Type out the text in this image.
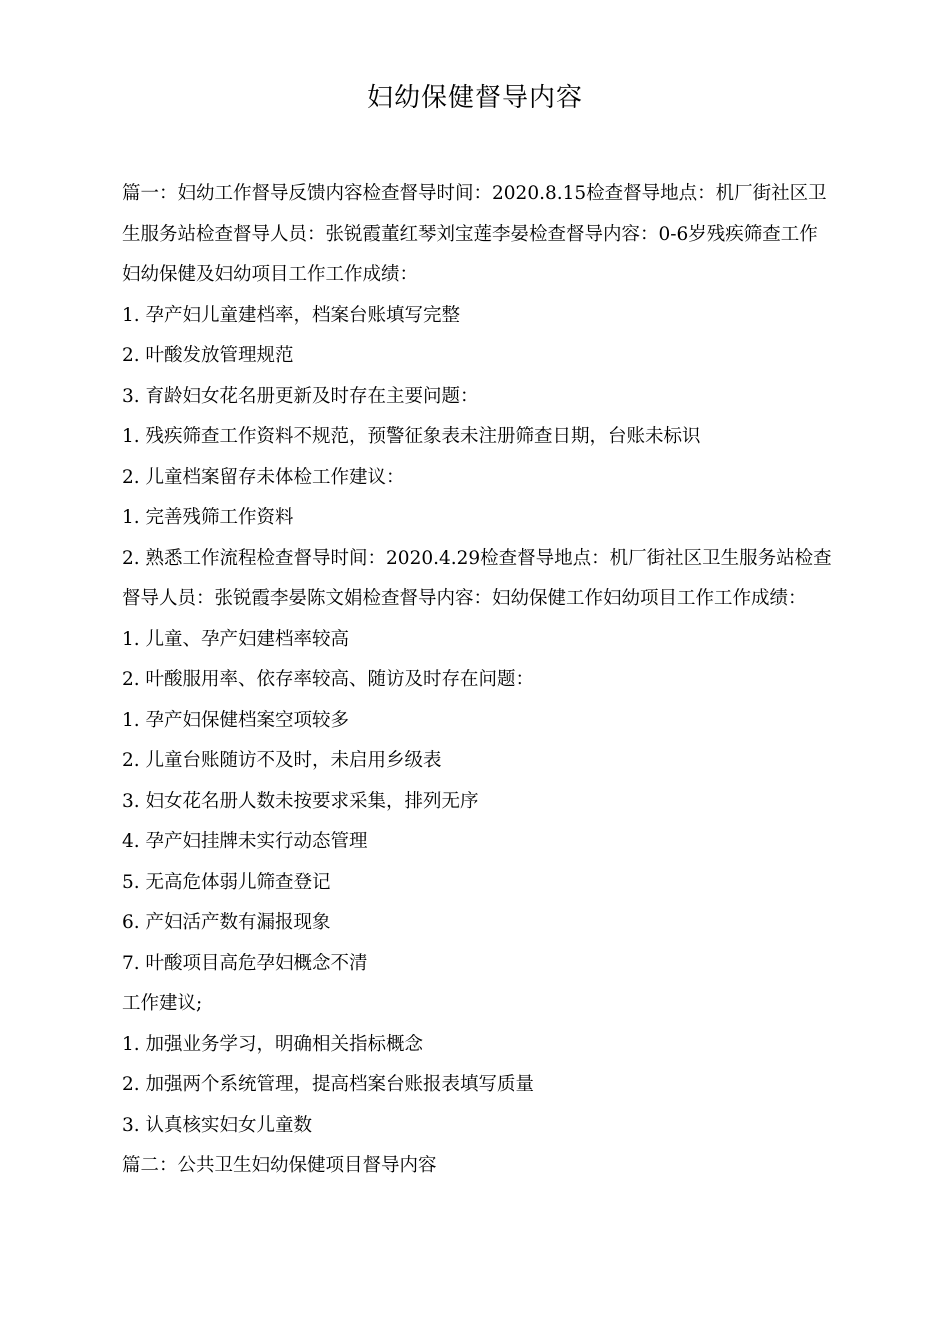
妇幼保健督导内容

篇一：妇幼工作督导反馈内容检查督导时间：2020.8.15检查督导地点：机厂街社区卫生服务站检查督导人员：张锐霞董红琴刘宝莲李晏检查督导内容：0-6岁残疾筛查工作妇幼保健及妇幼项目工作工作成绩：

1. 孕产妇儿童建档率，档案台账填写完整

2. 叶酸发放管理规范

3. 育龄妇女花名册更新及时存在主要问题：

1. 残疾筛查工作资料不规范，预警征象表未注册筛查日期，台账未标识

2. 儿童档案留存未体检工作建议：

1. 完善残筛工作资料

2. 熟悉工作流程检查督导时间：2020.4.29检查督导地点：机厂街社区卫生服务站检查督导人员：张锐霞李晏陈文娟检查督导内容：妇幼保健工作妇幼项目工作工作成绩：

1. 儿童、孕产妇建档率较高

2. 叶酸服用率、依存率较高、随访及时存在问题：

1. 孕产妇保健档案空项较多

2. 儿童台账随访不及时，未启用乡级表

3. 妇女花名册人数未按要求采集，排列无序

4. 孕产妇挂牌未实行动态管理

5. 无高危体弱儿筛查登记

6. 产妇活产数有漏报现象

7. 叶酸项目高危孕妇概念不清

工作建议;

1. 加强业务学习，明确相关指标概念

2. 加强两个系统管理，提高档案台账报表填写质量

3. 认真核实妇女儿童数

篇二：公共卫生妇幼保健项目督导内容
